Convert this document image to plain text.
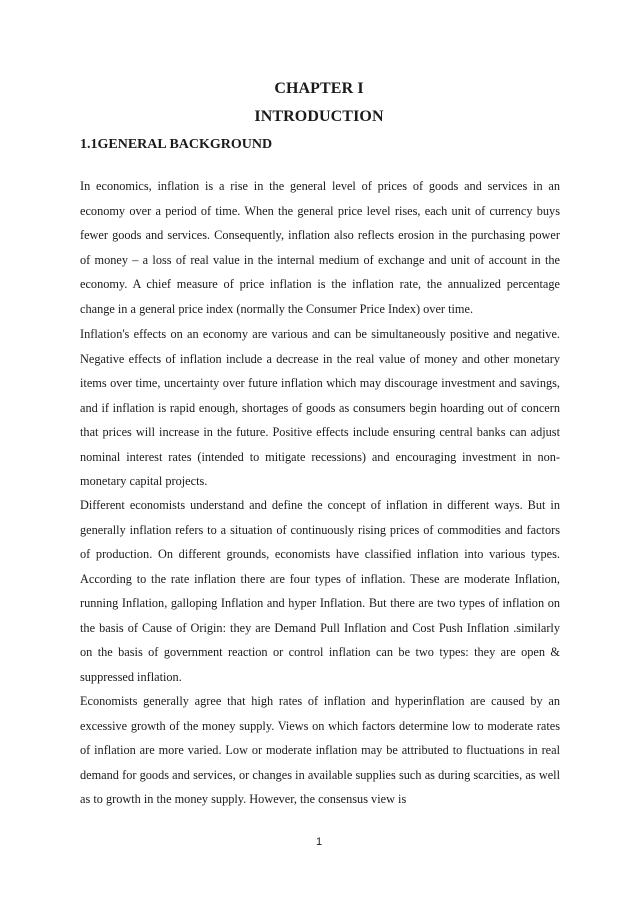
CHAPTER I
INTRODUCTION
1.1GENERAL BACKGROUND

In economics, inflation is a rise in the general level of prices of goods and services in an economy over a period of time. When the general price level rises, each unit of currency buys fewer goods and services. Consequently, inflation also reflects erosion in the purchasing power of money – a loss of real value in the internal medium of exchange and unit of account in the economy. A chief measure of price inflation is the inflation rate, the annualized percentage change in a general price index (normally the Consumer Price Index) over time.

Inflation's effects on an economy are various and can be simultaneously positive and negative. Negative effects of inflation include a decrease in the real value of money and other monetary items over time, uncertainty over future inflation which may discourage investment and savings, and if inflation is rapid enough, shortages of goods as consumers begin hoarding out of concern that prices will increase in the future. Positive effects include ensuring central banks can adjust nominal interest rates (intended to mitigate recessions) and encouraging investment in non-monetary capital projects.

Different economists understand and define the concept of inflation in different ways. But in generally inflation refers to a situation of continuously rising prices of commodities and factors of production. On different grounds, economists have classified inflation into various types. According to the rate inflation there are four types of inflation. These are moderate Inflation, running Inflation, galloping Inflation and hyper Inflation. But there are two types of inflation on the basis of Cause of Origin: they are Demand Pull Inflation and Cost Push Inflation .similarly on the basis of government reaction or control inflation can be two types: they are open & suppressed inflation.

Economists generally agree that high rates of inflation and hyperinflation are caused by an excessive growth of the money supply. Views on which factors determine low to moderate rates of inflation are more varied. Low or moderate inflation may be attributed to fluctuations in real demand for goods and services, or changes in available supplies such as during scarcities, as well as to growth in the money supply. However, the consensus view is

1
